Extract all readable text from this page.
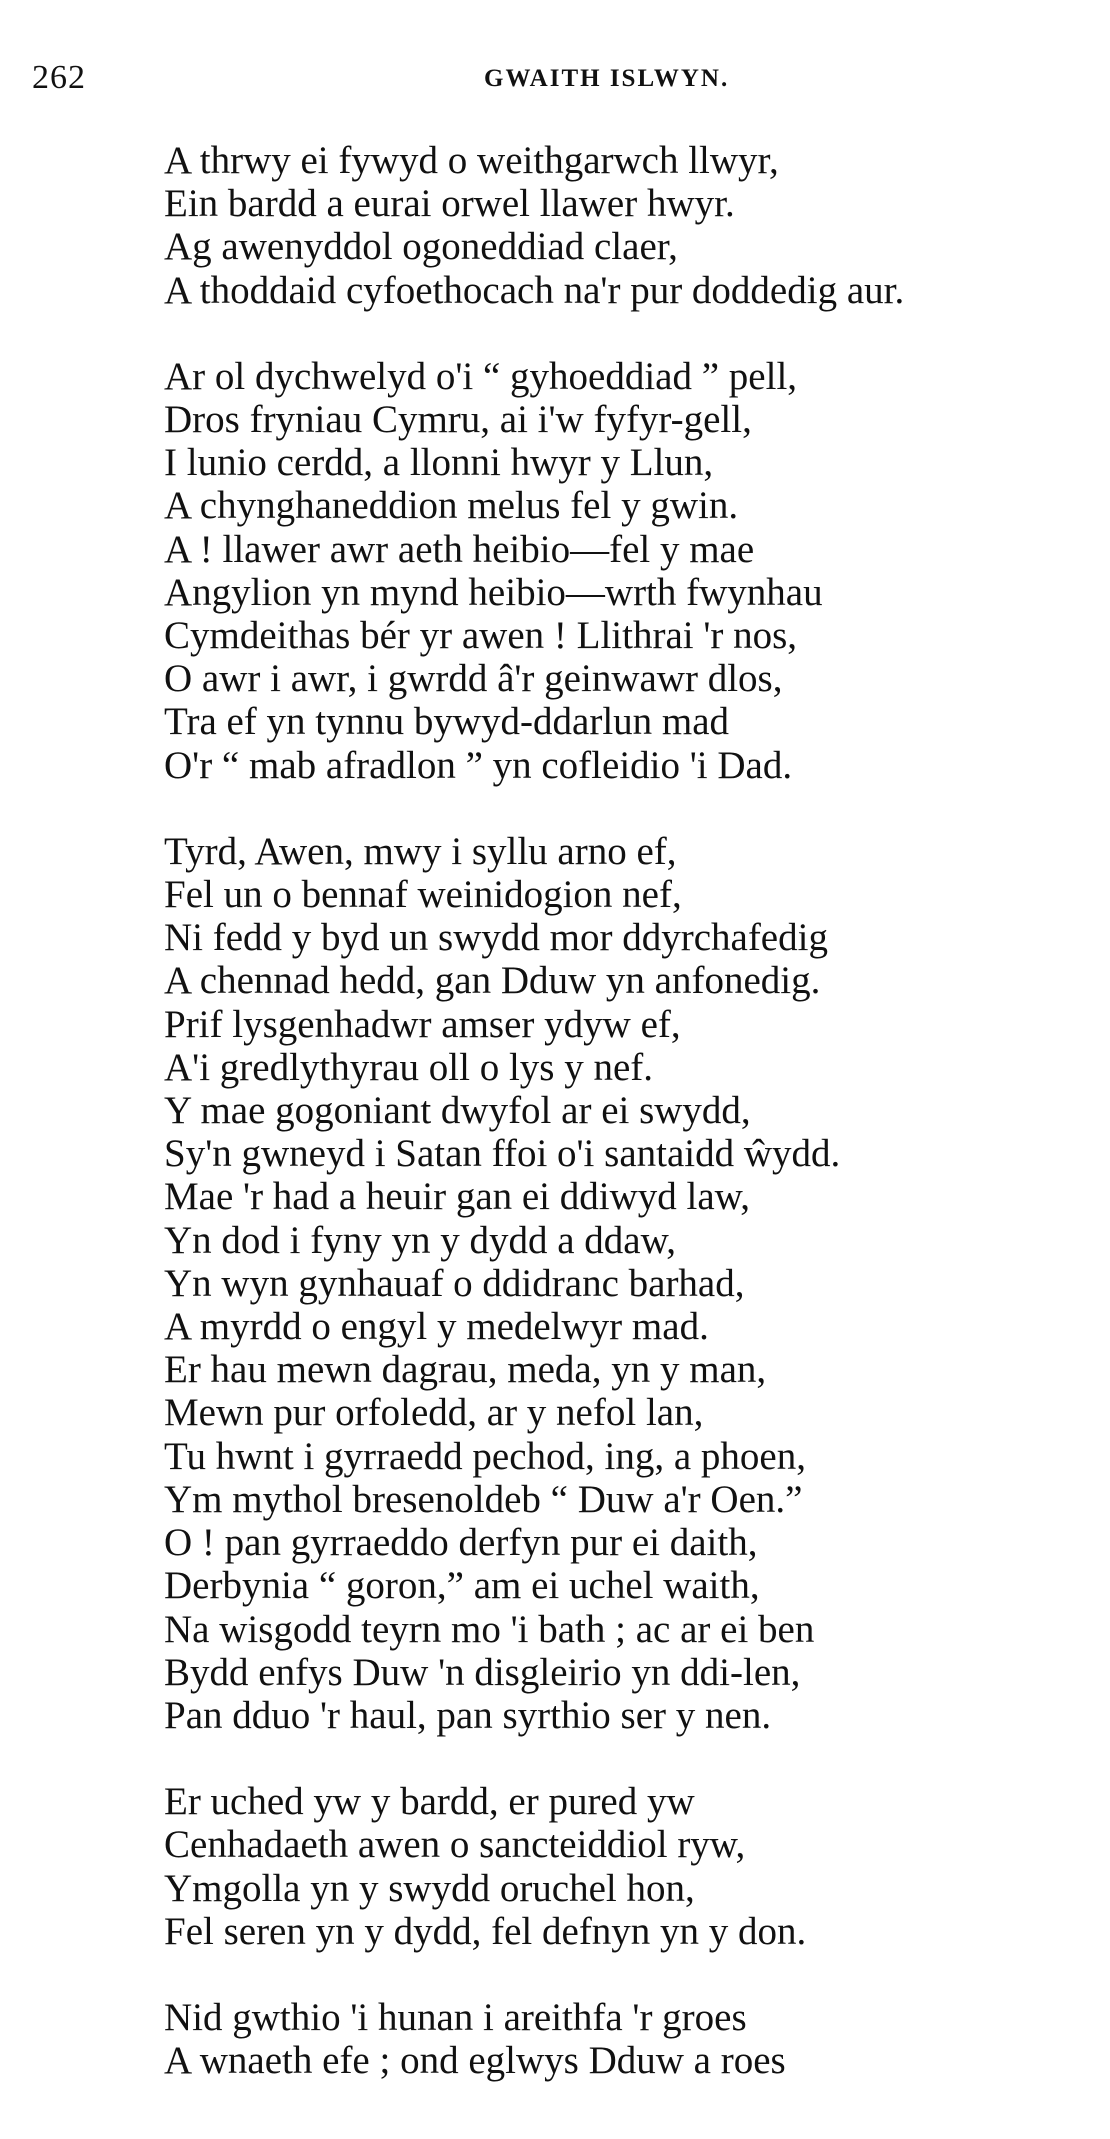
262	GWAITH ISLWYN.
A thrwy ei fywyd o weithgarwch llwyr,
Ein bardd a eurai orwel llawer hwyr.
Ag awenyddol ogoneddiad claer,
A thoddaid cyfoethocach na'r pur doddedig aur.
Ar ol dychwelyd o'i “ gyhoeddiad ” pell,
Dros fryniau Cymru, ai i'w fyfyr-gell,
I lunio cerdd, a llonni hwyr y Llun,
A chynghaneddion melus fel y gwin.
A ! llawer awr aeth heibio—fel y mae
Angylion yn mynd heibio—wrth fwynhau
Cymdeithas bér yr awen ! Llithrai 'r nos,
O awr i awr, i gwrdd â'r geinwawr dlos,
Tra ef yn tynnu bywyd-ddarlun mad
O'r “ mab afradlon ” yn cofleidio 'i Dad.
Tyrd, Awen, mwy i syllu arno ef,
Fel un o bennaf weinidogion nef,
Ni fedd y byd un swydd mor ddyrchafedig
A chennad hedd, gan Dduw yn anfonedig.
Prif lysgenhadwr amser ydyw ef,
A'i gredlythyrau oll o lys y nef.
Y mae gogoniant dwyfol ar ei swydd,
Sy'n gwneyd i Satan ffoi o'i santaidd ŵydd.
Mae 'r had a heuir gan ei ddiwyd law,
Yn dod i fyny yn y dydd a ddaw,
Yn wyn gynhauaf o ddidranc barhad,
A myrdd o engyl y medelwyr mad.
Er hau mewn dagrau, meda, yn y man,
Mewn pur orfoledd, ar y nefol lan,
Tu hwnt i gyrraedd pechod, ing, a phoen,
Ym mythol bresenoldeb “ Duw a'r Oen.”
O ! pan gyrraeddo derfyn pur ei daith,
Derbynia “ goron,” am ei uchel waith,
Na wisgodd teyrn mo 'i bath ; ac ar ei ben
Bydd enfys Duw 'n disgleirio yn ddi-len,
Pan dduo 'r haul, pan syrthio ser y nen.
Er uched yw y bardd, er pured yw
Cenhadaeth awen o sancteiddiol ryw,
Ymgolla yn y swydd oruchel hon,
Fel seren yn y dydd, fel defnyn yn y don.
Nid gwthio 'i hunan i areithfa 'r groes
A wnaeth efe ; ond eglwys Dduw a roes
